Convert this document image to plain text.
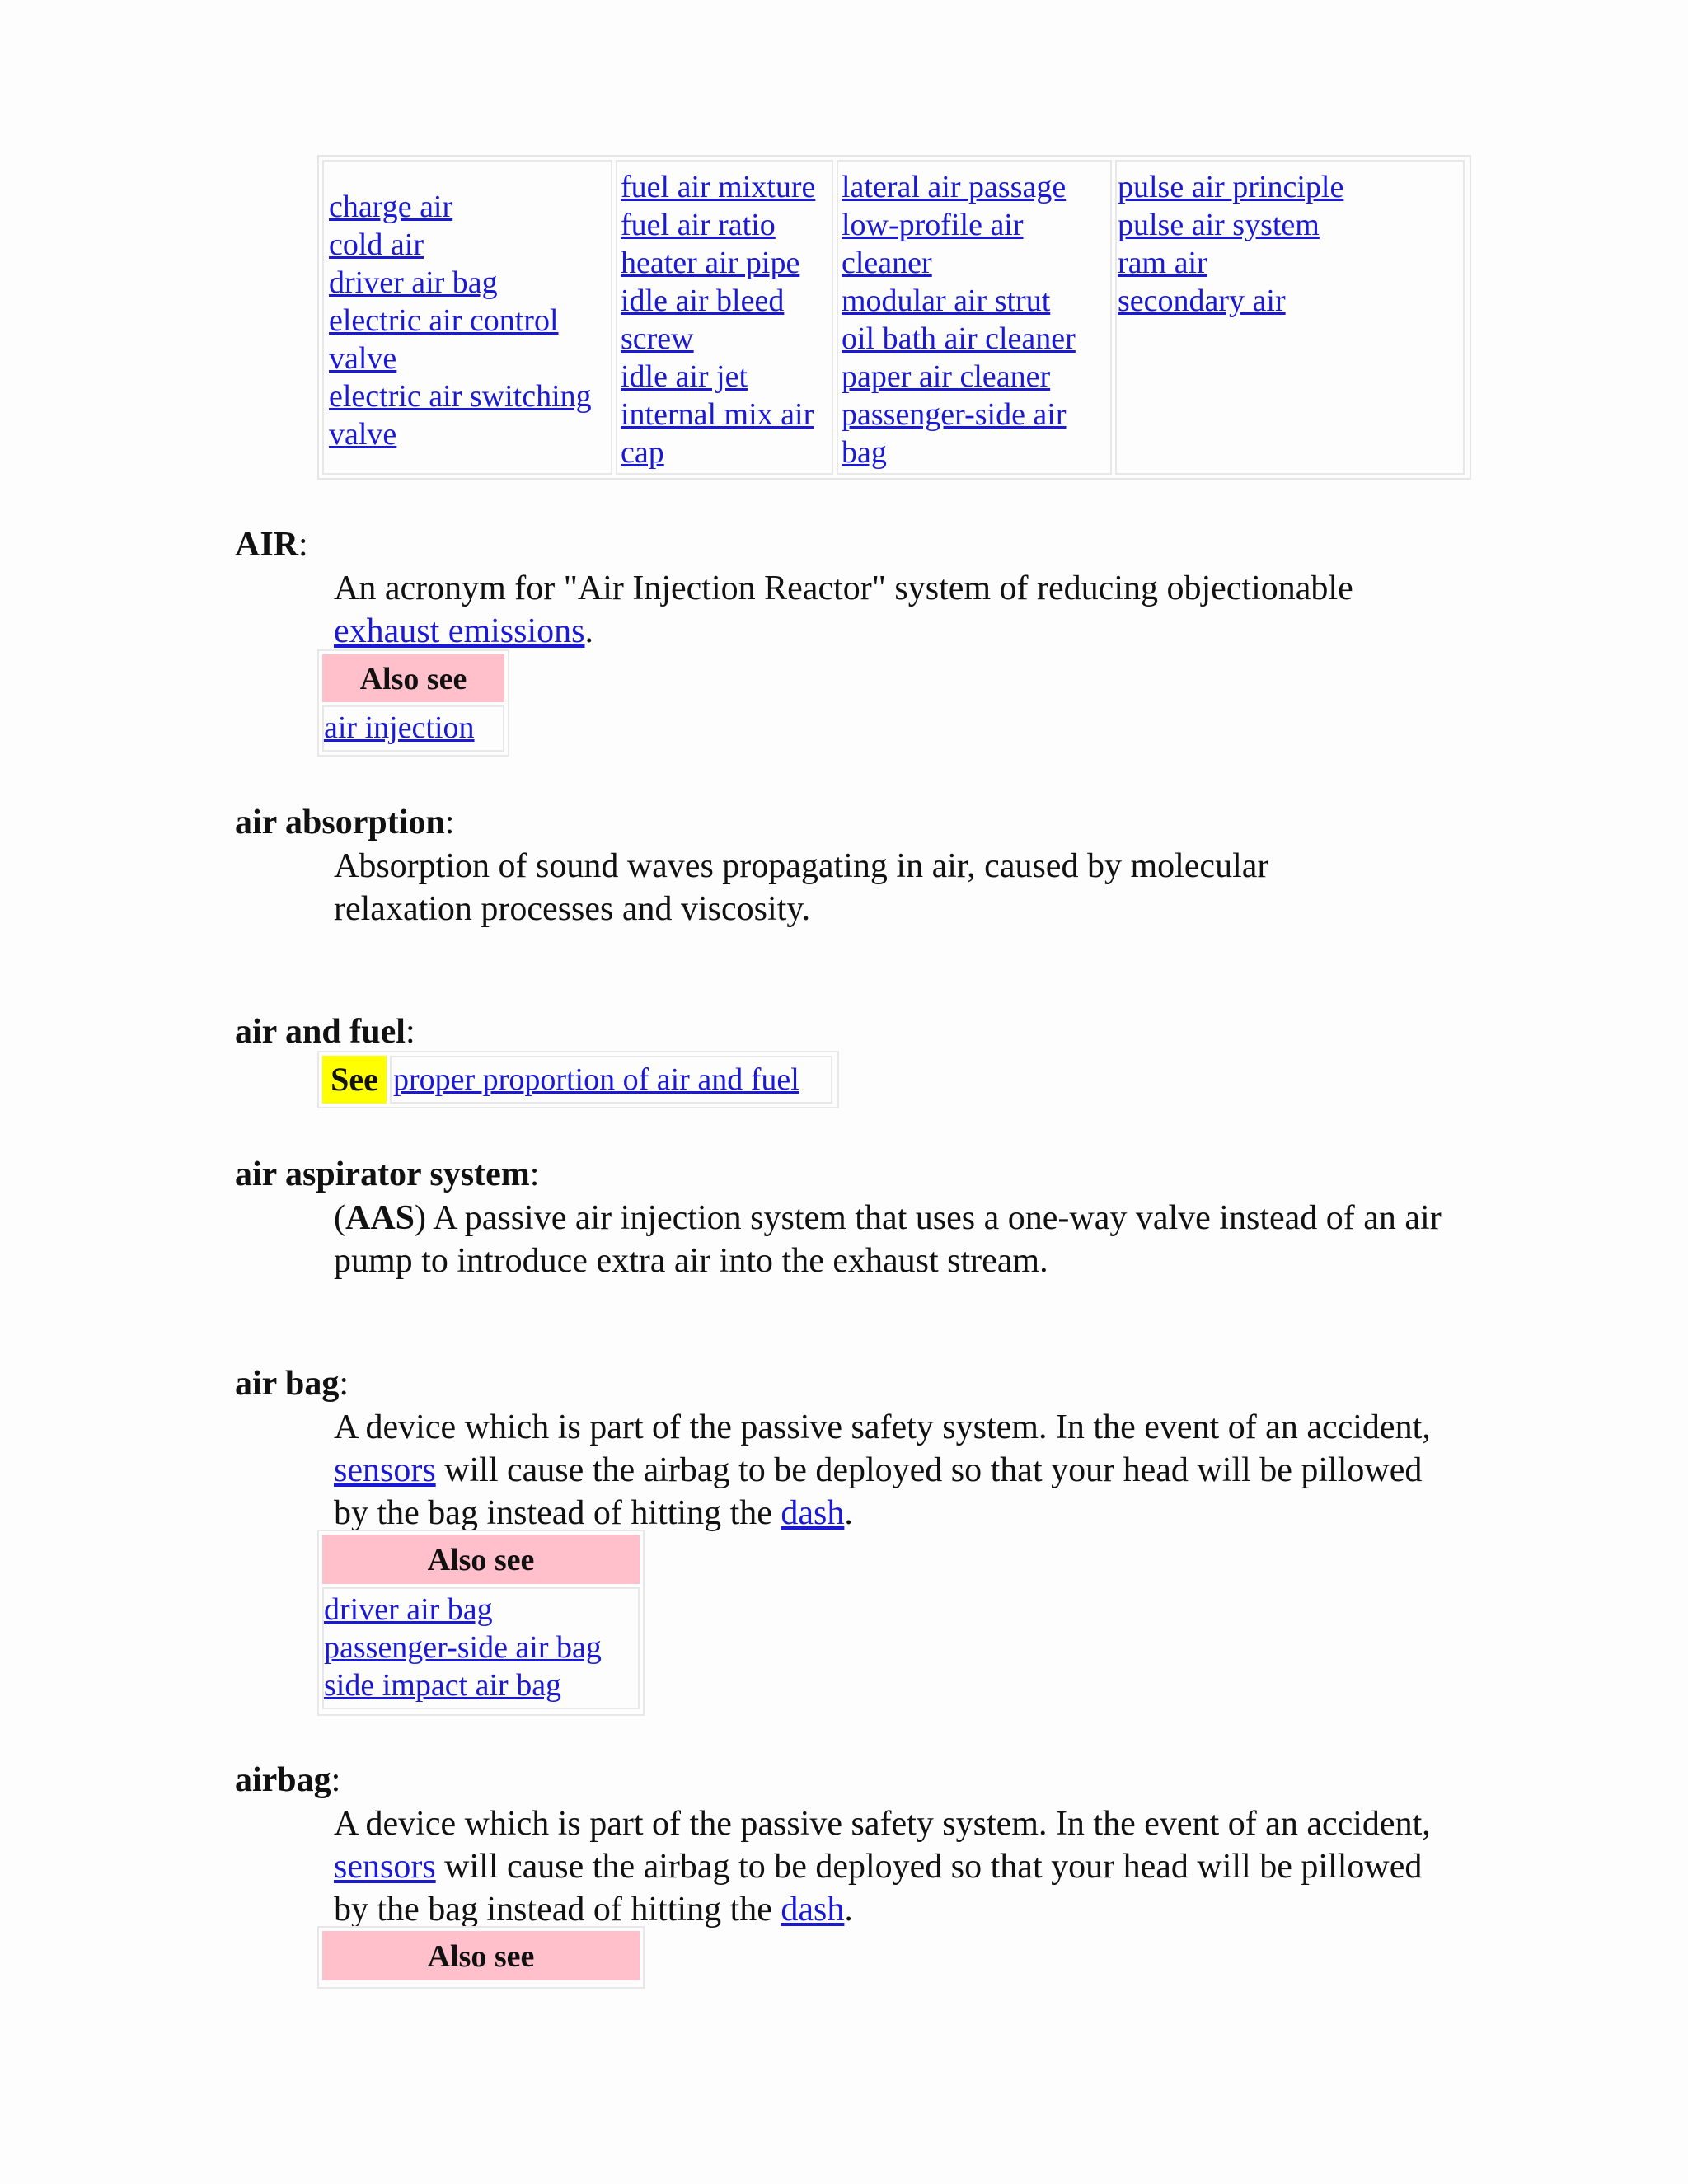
charge air
cold air
driver air bag
electric air control valve
electric air switching valve
fuel air mixture
fuel air ratio
heater air pipe
idle air bleed screw
idle air jet
internal mix air cap
lateral air passage
low-profile air cleaner
modular air strut
oil bath air cleaner
paper air cleaner
passenger-side air bag
pulse air principle
pulse air system
ram air
secondary air
AIR:
An acronym for "Air Injection Reactor" system of reducing objectionable exhaust emissions.
Also see
air injection
air absorption:
Absorption of sound waves propagating in air, caused by molecular relaxation processes and viscosity.
air and fuel:
See proper proportion of air and fuel
air aspirator system:
(AAS) A passive air injection system that uses a one-way valve instead of an air pump to introduce extra air into the exhaust stream.
air bag:
A device which is part of the passive safety system. In the event of an accident, sensors will cause the airbag to be deployed so that your head will be pillowed by the bag instead of hitting the dash.
Also see
driver air bag
passenger-side air bag
side impact air bag
airbag:
A device which is part of the passive safety system. In the event of an accident, sensors will cause the airbag to be deployed so that your head will be pillowed by the bag instead of hitting the dash.
Also see
